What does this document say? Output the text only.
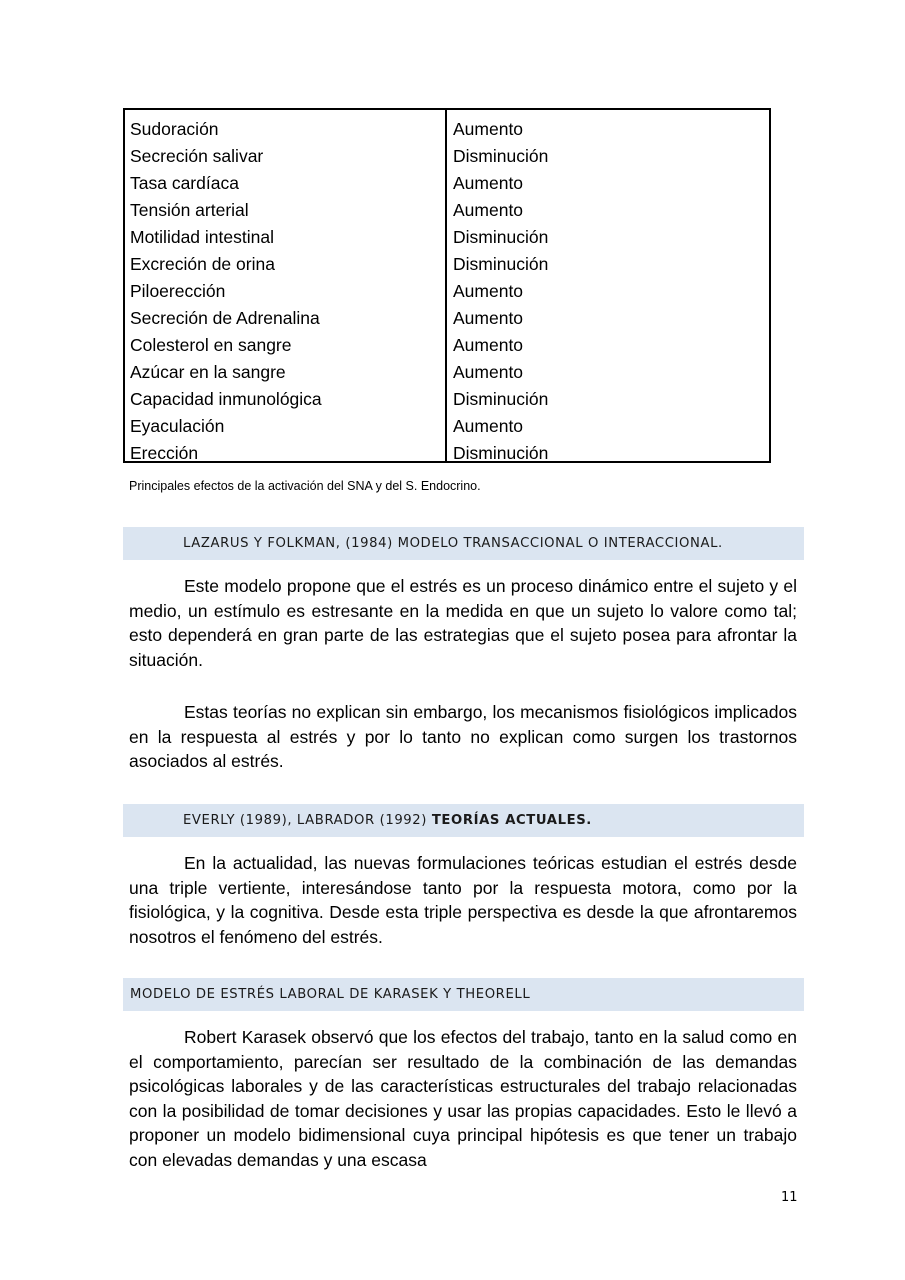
Sudoración
Secreción salivar
Tasa cardíaca
Tensión arterial
Motilidad intestinal
Excreción de orina
Piloerección
Secreción de Adrenalina
Colesterol en sangre
Azúcar en la sangre
Capacidad inmunológica
Eyaculación
Erección
Aumento
Disminución
Aumento
Aumento
Disminución
Disminución
Aumento
Aumento
Aumento
Aumento
Disminución
Aumento
Disminución
Principales efectos de la activación del SNA y del S. Endocrino.
LAZARUS Y FOLKMAN, (1984) MODELO TRANSACCIONAL O INTERACCIONAL.

Este modelo propone que el estrés es un proceso dinámico entre el sujeto y el medio, un estímulo es estresante en la medida en que un sujeto lo valore como tal; esto dependerá en gran parte de las estrategias que el sujeto posea para afrontar la situación.

Estas teorías no explican sin embargo, los mecanismos fisiológicos implicados en la respuesta al estrés y por lo tanto no explican como surgen los trastornos asociados al estrés.

EVERLY (1989), LABRADOR (1992) TEORÍAS ACTUALES.

En la actualidad, las nuevas formulaciones teóricas estudian el estrés desde una triple vertiente, interesándose tanto por la respuesta motora, como por la fisiológica, y la cognitiva. Desde esta triple perspectiva es desde la que afrontaremos nosotros el fenómeno del estrés.

MODELO DE ESTRÉS LABORAL DE KARASEK Y THEORELL

Robert Karasek observó que los efectos del trabajo, tanto en la salud como en el comportamiento, parecían ser resultado de la combinación de las demandas psicológicas laborales y de las características estructurales del trabajo relacionadas con la posibilidad de tomar decisiones y usar las propias capacidades. Esto le llevó a proponer un modelo bidimensional cuya principal hipótesis es que tener un trabajo con elevadas demandas y una escasa

11
